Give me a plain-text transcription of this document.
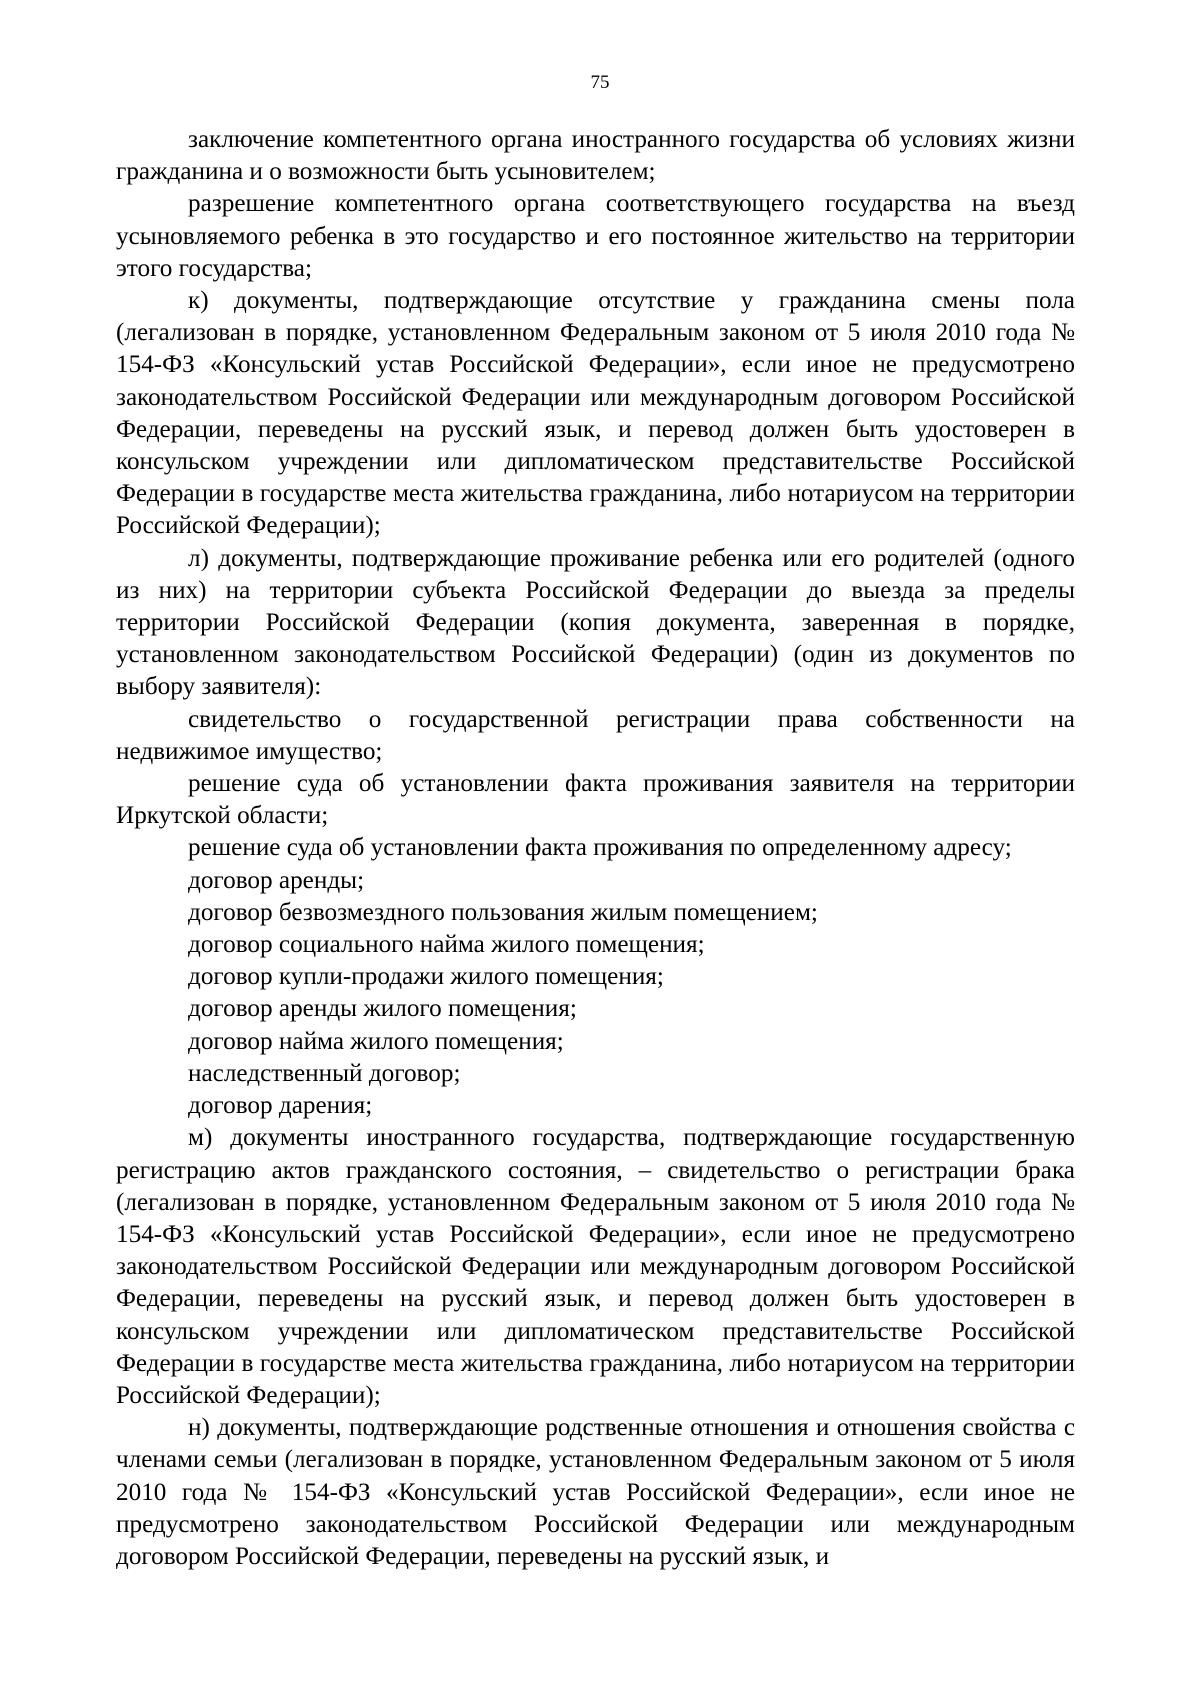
75

заключение компетентного органа иностранного государства об условиях жизни гражданина и о возможности быть усыновителем;

разрешение компетентного органа соответствующего государства на въезд усыновляемого ребенка в это государство и его постоянное жительство на территории этого государства;

к) документы, подтверждающие отсутствие у гражданина смены пола (легализован в порядке, установленном Федеральным законом от 5 июля 2010 года № 154-ФЗ «Консульский устав Российской Федерации», если иное не предусмотрено законодательством Российской Федерации или международным договором Российской Федерации, переведены на русский язык, и перевод должен быть удостоверен в консульском учреждении или дипломатическом представительстве Российской Федерации в государстве места жительства гражданина, либо нотариусом на территории Российской Федерации);

л) документы, подтверждающие проживание ребенка или его родителей (одного из них) на территории субъекта Российской Федерации до выезда за пределы территории Российской Федерации (копия документа, заверенная в порядке, установленном законодательством Российской Федерации) (один из документов по выбору заявителя):

свидетельство о государственной регистрации права собственности на недвижимое имущество;

решение суда об установлении факта проживания заявителя на территории Иркутской области;

решение суда об установлении факта проживания по определенному адресу;

договор аренды;

договор безвозмездного пользования жилым помещением;

договор социального найма жилого помещения;

договор купли-продажи жилого помещения;

договор аренды жилого помещения;

договор найма жилого помещения;

наследственный договор;

договор дарения;

м) документы иностранного государства, подтверждающие государственную регистрацию актов гражданского состояния, – свидетельство о регистрации брака (легализован в порядке, установленном Федеральным законом от 5 июля 2010 года № 154-ФЗ «Консульский устав Российской Федерации», если иное не предусмотрено законодательством Российской Федерации или международным договором Российской Федерации, переведены на русский язык, и перевод должен быть удостоверен в консульском учреждении или дипломатическом представительстве Российской Федерации в государстве места жительства гражданина, либо нотариусом на территории Российской Федерации);

н) документы, подтверждающие родственные отношения и отношения свойства с членами семьи (легализован в порядке, установленном Федеральным законом от 5 июля 2010 года № 154-ФЗ «Консульский устав Российской Федерации», если иное не предусмотрено законодательством Российской Федерации или международным договором Российской Федерации, переведены на русский язык, и
